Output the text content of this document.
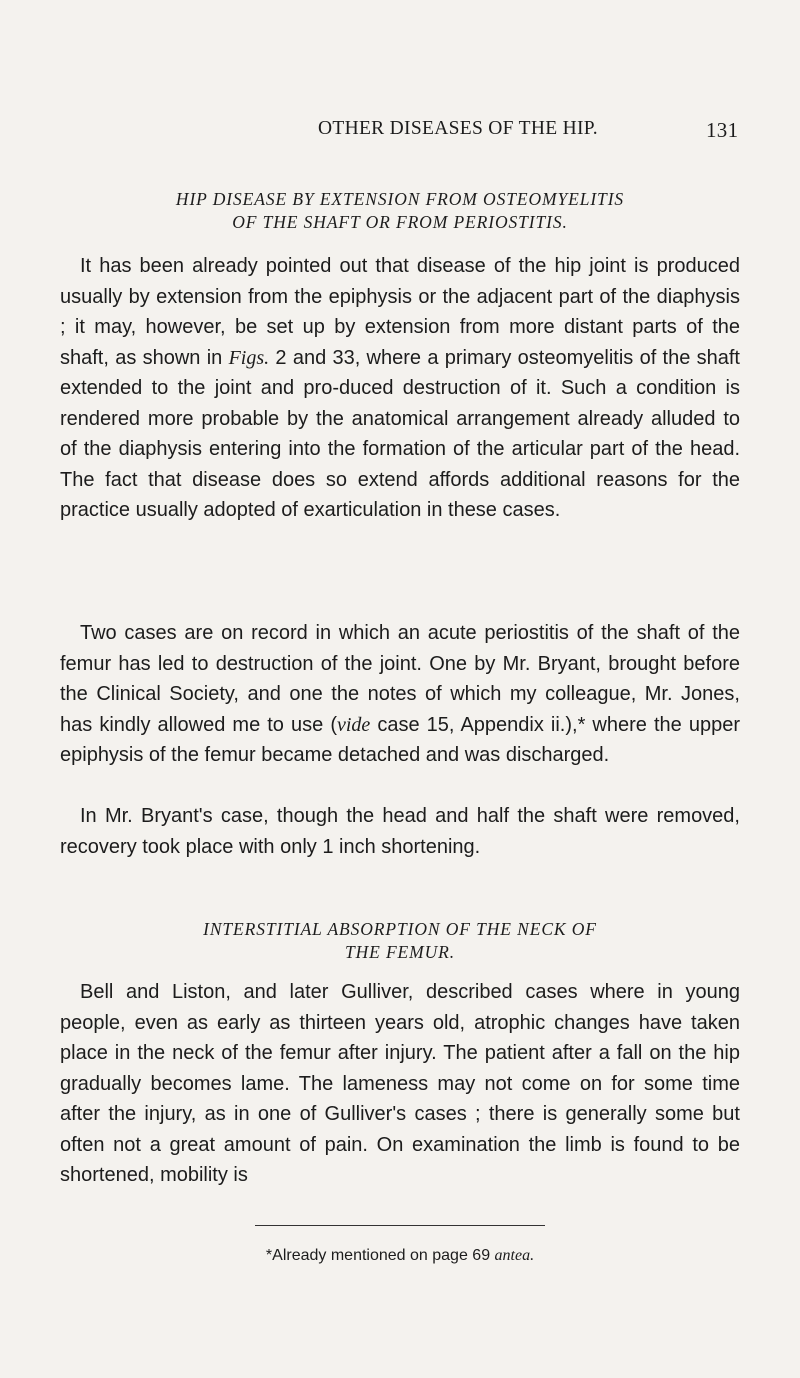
OTHER DISEASES OF THE HIP.	131
HIP DISEASE BY EXTENSION FROM OSTEOMYELITIS
OF THE SHAFT OR FROM PERIOSTITIS.

 It has been already pointed out that disease of the hip joint is produced usually by extension from the epiphysis or the adjacent part of the diaphysis ; it may, however, be set up by extension from more distant parts of the shaft, as shown in Figs. 2 and 33, where a primary osteomyelitis of the shaft extended to the joint and pro-duced destruction of it. Such a condition is rendered more probable by the anatomical arrangement already alluded to of the diaphysis entering into the formation of the articular part of the head. The fact that disease does so extend affords additional reasons for the practice usually adopted of exarticulation in these cases.

 Two cases are on record in which an acute periostitis of the shaft of the femur has led to destruction of the joint. One by Mr. Bryant, brought before the Clinical Society, and one the notes of which my colleague, Mr. Jones, has kindly allowed me to use (vide case 15, Appendix ii.),* where the upper epiphysis of the femur became detached and was discharged.

 In Mr. Bryant's case, though the head and half the shaft were removed, recovery took place with only 1 inch shortening.

INTERSTITIAL ABSORPTION OF THE NECK OF
THE FEMUR.

 Bell and Liston, and later Gulliver, described cases where in young people, even as early as thirteen years old, atrophic changes have taken place in the neck of the femur after injury. The patient after a fall on the hip gradually becomes lame. The lameness may not come on for some time after the injury, as in one of Gulliver's cases ; there is generally some but often not a great amount of pain. On examination the limb is found to be shortened, mobility is

*Already mentioned on page 69 antea.
